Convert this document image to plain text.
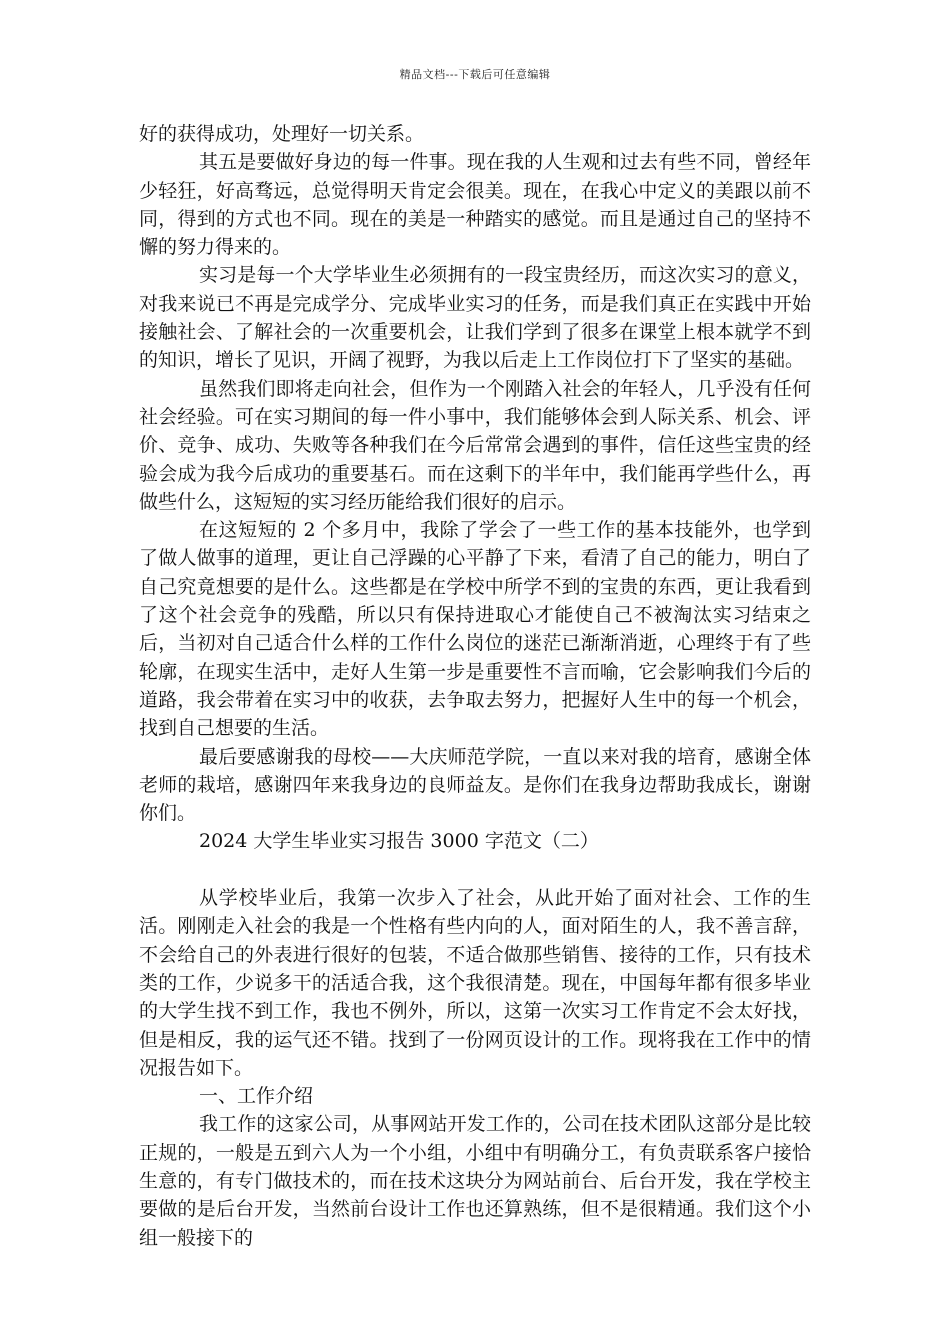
精品文档---下载后可任意编辑

好的获得成功，处理好一切关系。

其五是要做好身边的每一件事。现在我的人生观和过去有些不同，曾经年少轻狂，好高骛远，总觉得明天肯定会很美。现在，在我心中定义的美跟以前不同，得到的方式也不同。现在的美是一种踏实的感觉。而且是通过自己的坚持不懈的努力得来的。

实习是每一个大学毕业生必须拥有的一段宝贵经历，而这次实习的意义，对我来说已不再是完成学分、完成毕业实习的任务，而是我们真正在实践中开始接触社会、了解社会的一次重要机会，让我们学到了很多在课堂上根本就学不到的知识，增长了见识，开阔了视野，为我以后走上工作岗位打下了坚实的基础。

虽然我们即将走向社会，但作为一个刚踏入社会的年轻人，几乎没有任何社会经验。可在实习期间的每一件小事中，我们能够体会到人际关系、机会、评价、竞争、成功、失败等各种我们在今后常常会遇到的事件，信任这些宝贵的经验会成为我今后成功的重要基石。而在这剩下的半年中，我们能再学些什么，再做些什么，这短短的实习经历能给我们很好的启示。

在这短短的 2 个多月中，我除了学会了一些工作的基本技能外，也学到了做人做事的道理，更让自己浮躁的心平静了下来，看清了自己的能力，明白了自己究竟想要的是什么。这些都是在学校中所学不到的宝贵的东西，更让我看到了这个社会竞争的残酷，所以只有保持进取心才能使自己不被淘汰实习结束之后，当初对自己适合什么样的工作什么岗位的迷茫已渐渐消逝，心理终于有了些轮廓，在现实生活中，走好人生第一步是重要性不言而喻，它会影响我们今后的道路，我会带着在实习中的收获，去争取去努力，把握好人生中的每一个机会，找到自己想要的生活。

最后要感谢我的母校——大庆师范学院，一直以来对我的培育，感谢全体老师的栽培，感谢四年来我身边的良师益友。是你们在我身边帮助我成长，谢谢你们。

2024 大学生毕业实习报告 3000 字范文（二）

从学校毕业后，我第一次步入了社会，从此开始了面对社会、工作的生活。刚刚走入社会的我是一个性格有些内向的人，面对陌生的人，我不善言辞，不会给自己的外表进行很好的包装，不适合做那些销售、接待的工作，只有技术类的工作，少说多干的活适合我，这个我很清楚。现在，中国每年都有很多毕业的大学生找不到工作，我也不例外，所以，这第一次实习工作肯定不会太好找，但是相反，我的运气还不错。找到了一份网页设计的工作。现将我在工作中的情况报告如下。

一、工作介绍

我工作的这家公司，从事网站开发工作的，公司在技术团队这部分是比较正规的，一般是五到六人为一个小组，小组中有明确分工，有负责联系客户接恰生意的，有专门做技术的，而在技术这块分为网站前台、后台开发，我在学校主要做的是后台开发，当然前台设计工作也还算熟练，但不是很精通。我们这个小组一般接下的
